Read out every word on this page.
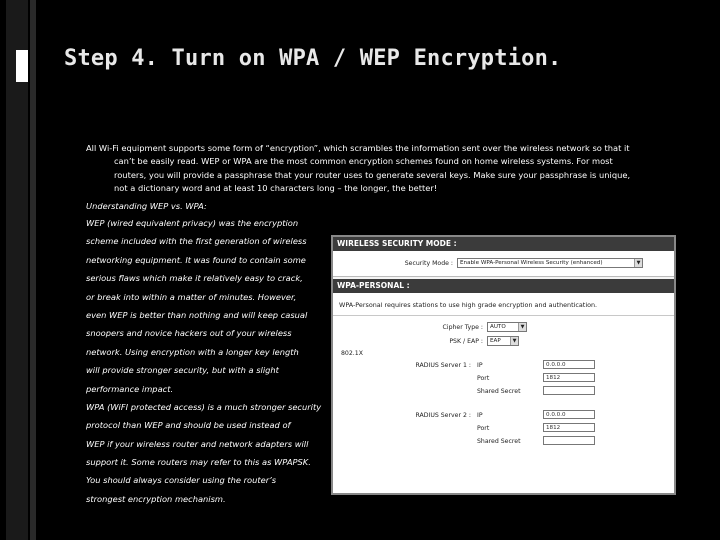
Step 4. Turn on WPA / WEP Encryption.
All Wi-Fi equipment supports some form of “encryption”, which scrambles the information sent over the wireless network so that it
can’t be easily read. WEP or WPA are the most common encryption schemes found on home wireless systems. For most
routers, you will provide a passphrase that your router uses to generate several keys. Make sure your passphrase is unique,
not a dictionary word and at least 10 characters long – the longer, the better!

Understanding WEP vs. WPA:

WEP (wired equivalent privacy) was the encryption

scheme included with the first generation of wireless

networking equipment. It was found to contain some

serious flaws which make it relatively easy to crack,

or break into within a matter of minutes. However,

even WEP is better than nothing and will keep casual

snoopers and novice hackers out of your wireless

network. Using encryption with a longer key length

will provide stronger security, but with a slight

performance impact.

WPA (WiFI protected access) is a much stronger security

protocol than WEP and should be used instead of

WEP if your wireless router and network adapters will

support it. Some routers may refer to this as WPAPSK.

You should always consider using the router’s

strongest encryption mechanism.

WIRELESS SECURITY MODE :
Security Mode :	Enable WPA-Personal Wireless Security (enhanced)	▼
WPA-PERSONAL :
WPA-Personal requires stations to use high grade encryption and authentication.
Cipher Type :	AUTO	▼
PSK / EAP :	EAP	▼
802.1X
RADIUS Server 1 : IP	0.0.0.0
Port	1812
Shared Secret
RADIUS Server 2 : IP	0.0.0.0
Port	1812
Shared Secret
